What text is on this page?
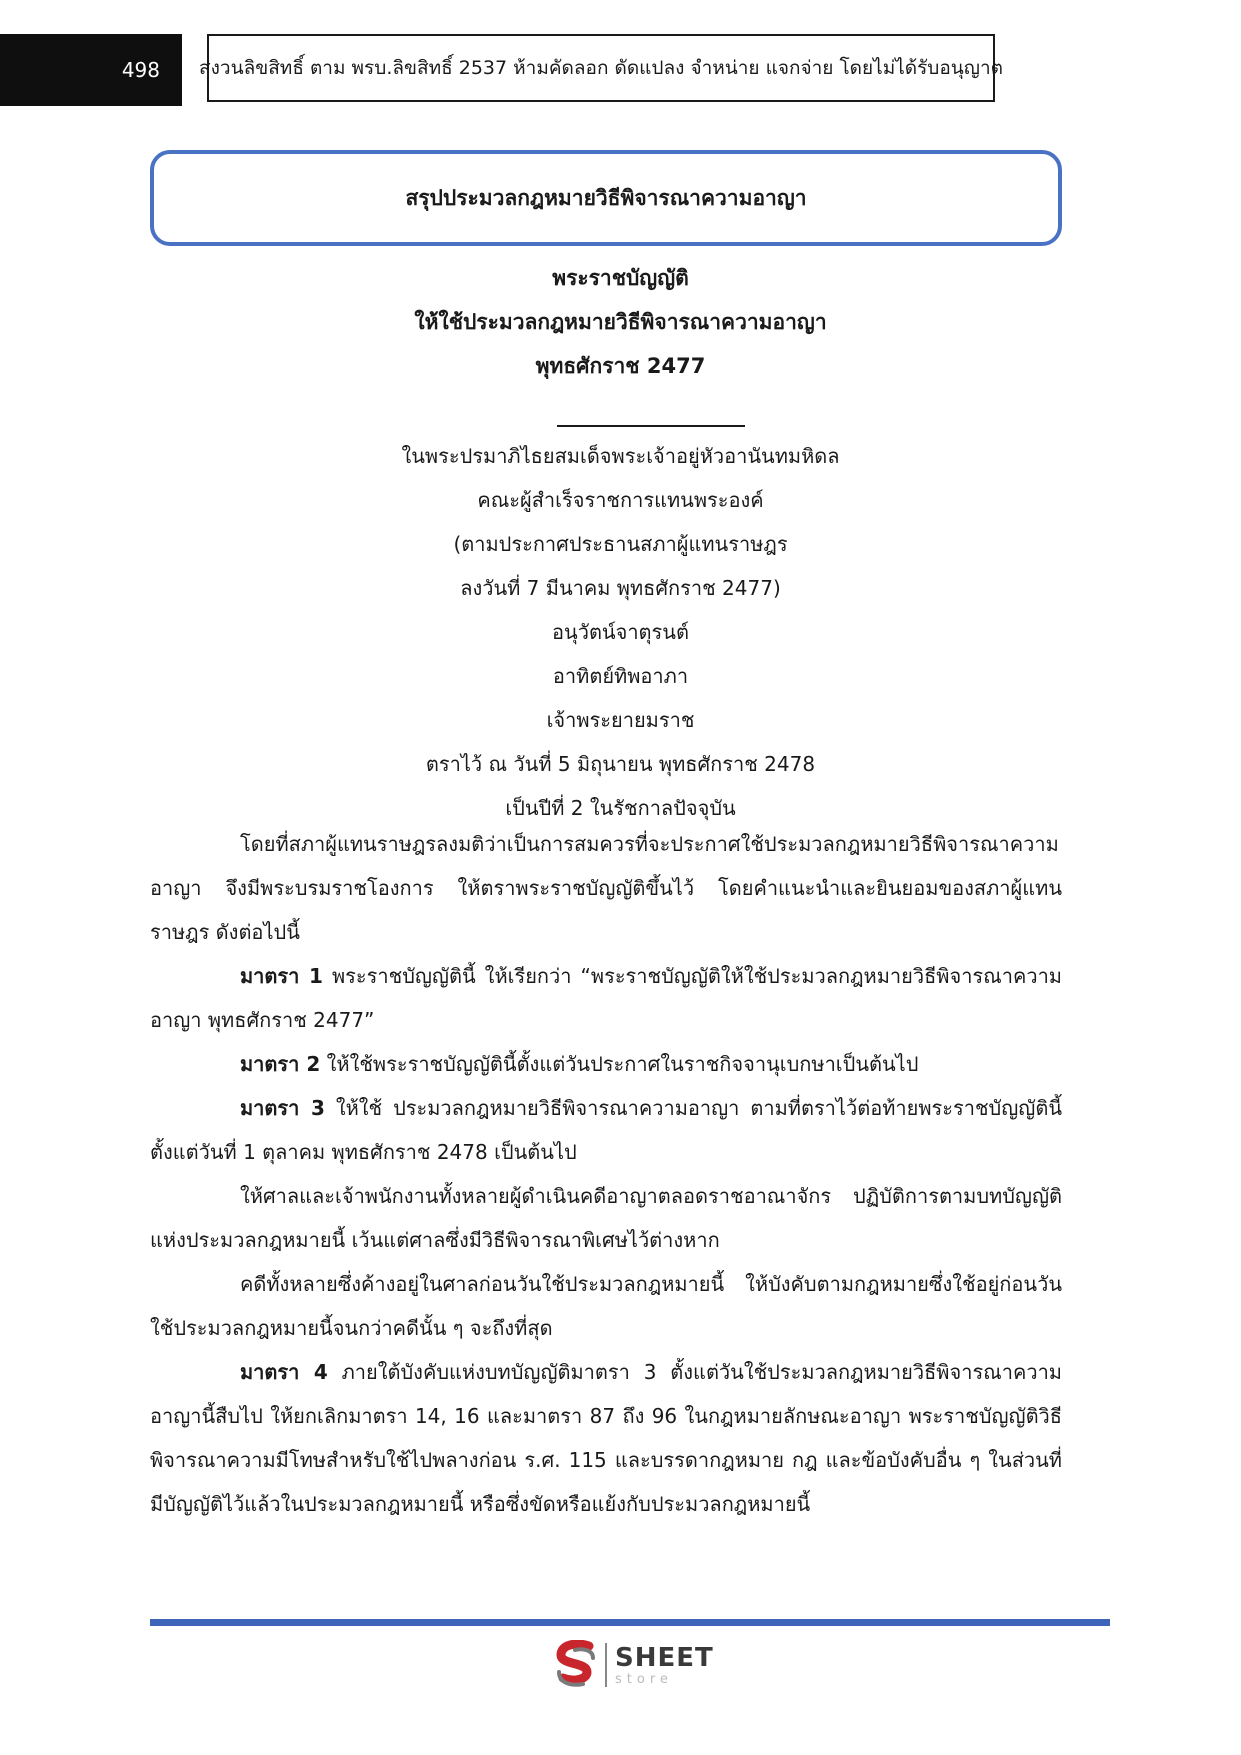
498 สงวนลิขสิทธิ์ ตาม พรบ.ลิขสิทธิ์ 2537 ห้ามคัดลอก ดัดแปลง จำหน่าย แจกจ่าย โดยไม่ได้รับอนุญาต
สรุปประมวลกฎหมายวิธีพิจารณาความอาญา
พระราชบัญญัติ
ให้ใช้ประมวลกฎหมายวิธีพิจารณาความอาญา
พุทธศักราช 2477
ในพระปรมาภิไธยสมเด็จพระเจ้าอยู่หัวอานันทมหิดล
คณะผู้สำเร็จราชการแทนพระองค์
(ตามประกาศประธานสภาผู้แทนราษฎร
ลงวันที่ 7 มีนาคม พุทธศักราช 2477)
อนุวัตน์จาตุรนต์
อาทิตย์ทิพอาภา
เจ้าพระยายมราช
ตราไว้ ณ วันที่ 5 มิถุนายน พุทธศักราช 2478
เป็นปีที่ 2 ในรัชกาลปัจจุบัน

โดยที่สภาผู้แทนราษฎรลงมติว่าเป็นการสมควรที่จะประกาศใช้ประมวลกฎหมายวิธีพิจารณาความอาญา จึงมีพระบรมราชโองการ ให้ตราพระราชบัญญัติขึ้นไว้ โดยคำแนะนำและยินยอมของสภาผู้แทนราษฎร ดังต่อไปนี้

มาตรา 1 พระราชบัญญัตินี้ ให้เรียกว่า “พระราชบัญญัติให้ใช้ประมวลกฎหมายวิธีพิจารณาความอาญา พุทธศักราช 2477”

มาตรา 2 ให้ใช้พระราชบัญญัตินี้ตั้งแต่วันประกาศในราชกิจจานุเบกษาเป็นต้นไป

มาตรา 3 ให้ใช้ ประมวลกฎหมายวิธีพิจารณาความอาญา ตามที่ตราไว้ต่อท้ายพระราชบัญญัตินี้ ตั้งแต่วันที่ 1 ตุลาคม พุทธศักราช 2478 เป็นต้นไป

ให้ศาลและเจ้าพนักงานทั้งหลายผู้ดำเนินคดีอาญาตลอดราชอาณาจักร ปฏิบัติการตามบทบัญญัติแห่งประมวลกฎหมายนี้ เว้นแต่ศาลซึ่งมีวิธีพิจารณาพิเศษไว้ต่างหาก

คดีทั้งหลายซึ่งค้างอยู่ในศาลก่อนวันใช้ประมวลกฎหมายนี้ ให้บังคับตามกฎหมายซึ่งใช้อยู่ก่อนวันใช้ประมวลกฎหมายนี้จนกว่าคดีนั้น ๆ จะถึงที่สุด

มาตรา 4 ภายใต้บังคับแห่งบทบัญญัติมาตรา 3 ตั้งแต่วันใช้ประมวลกฎหมายวิธีพิจารณาความอาญานี้สืบไป ให้ยกเลิกมาตรา 14, 16 และมาตรา 87 ถึง 96 ในกฎหมายลักษณะอาญา พระราชบัญญัติวิธีพิจารณาความมีโทษสำหรับใช้ไปพลางก่อน ร.ศ. 115 และบรรดากฎหมาย กฎ และข้อบังคับอื่น ๆ ในส่วนที่มีบัญญัติไว้แล้วในประมวลกฎหมายนี้ หรือซึ่งขัดหรือแย้งกับประมวลกฎหมายนี้

SHEET
store
